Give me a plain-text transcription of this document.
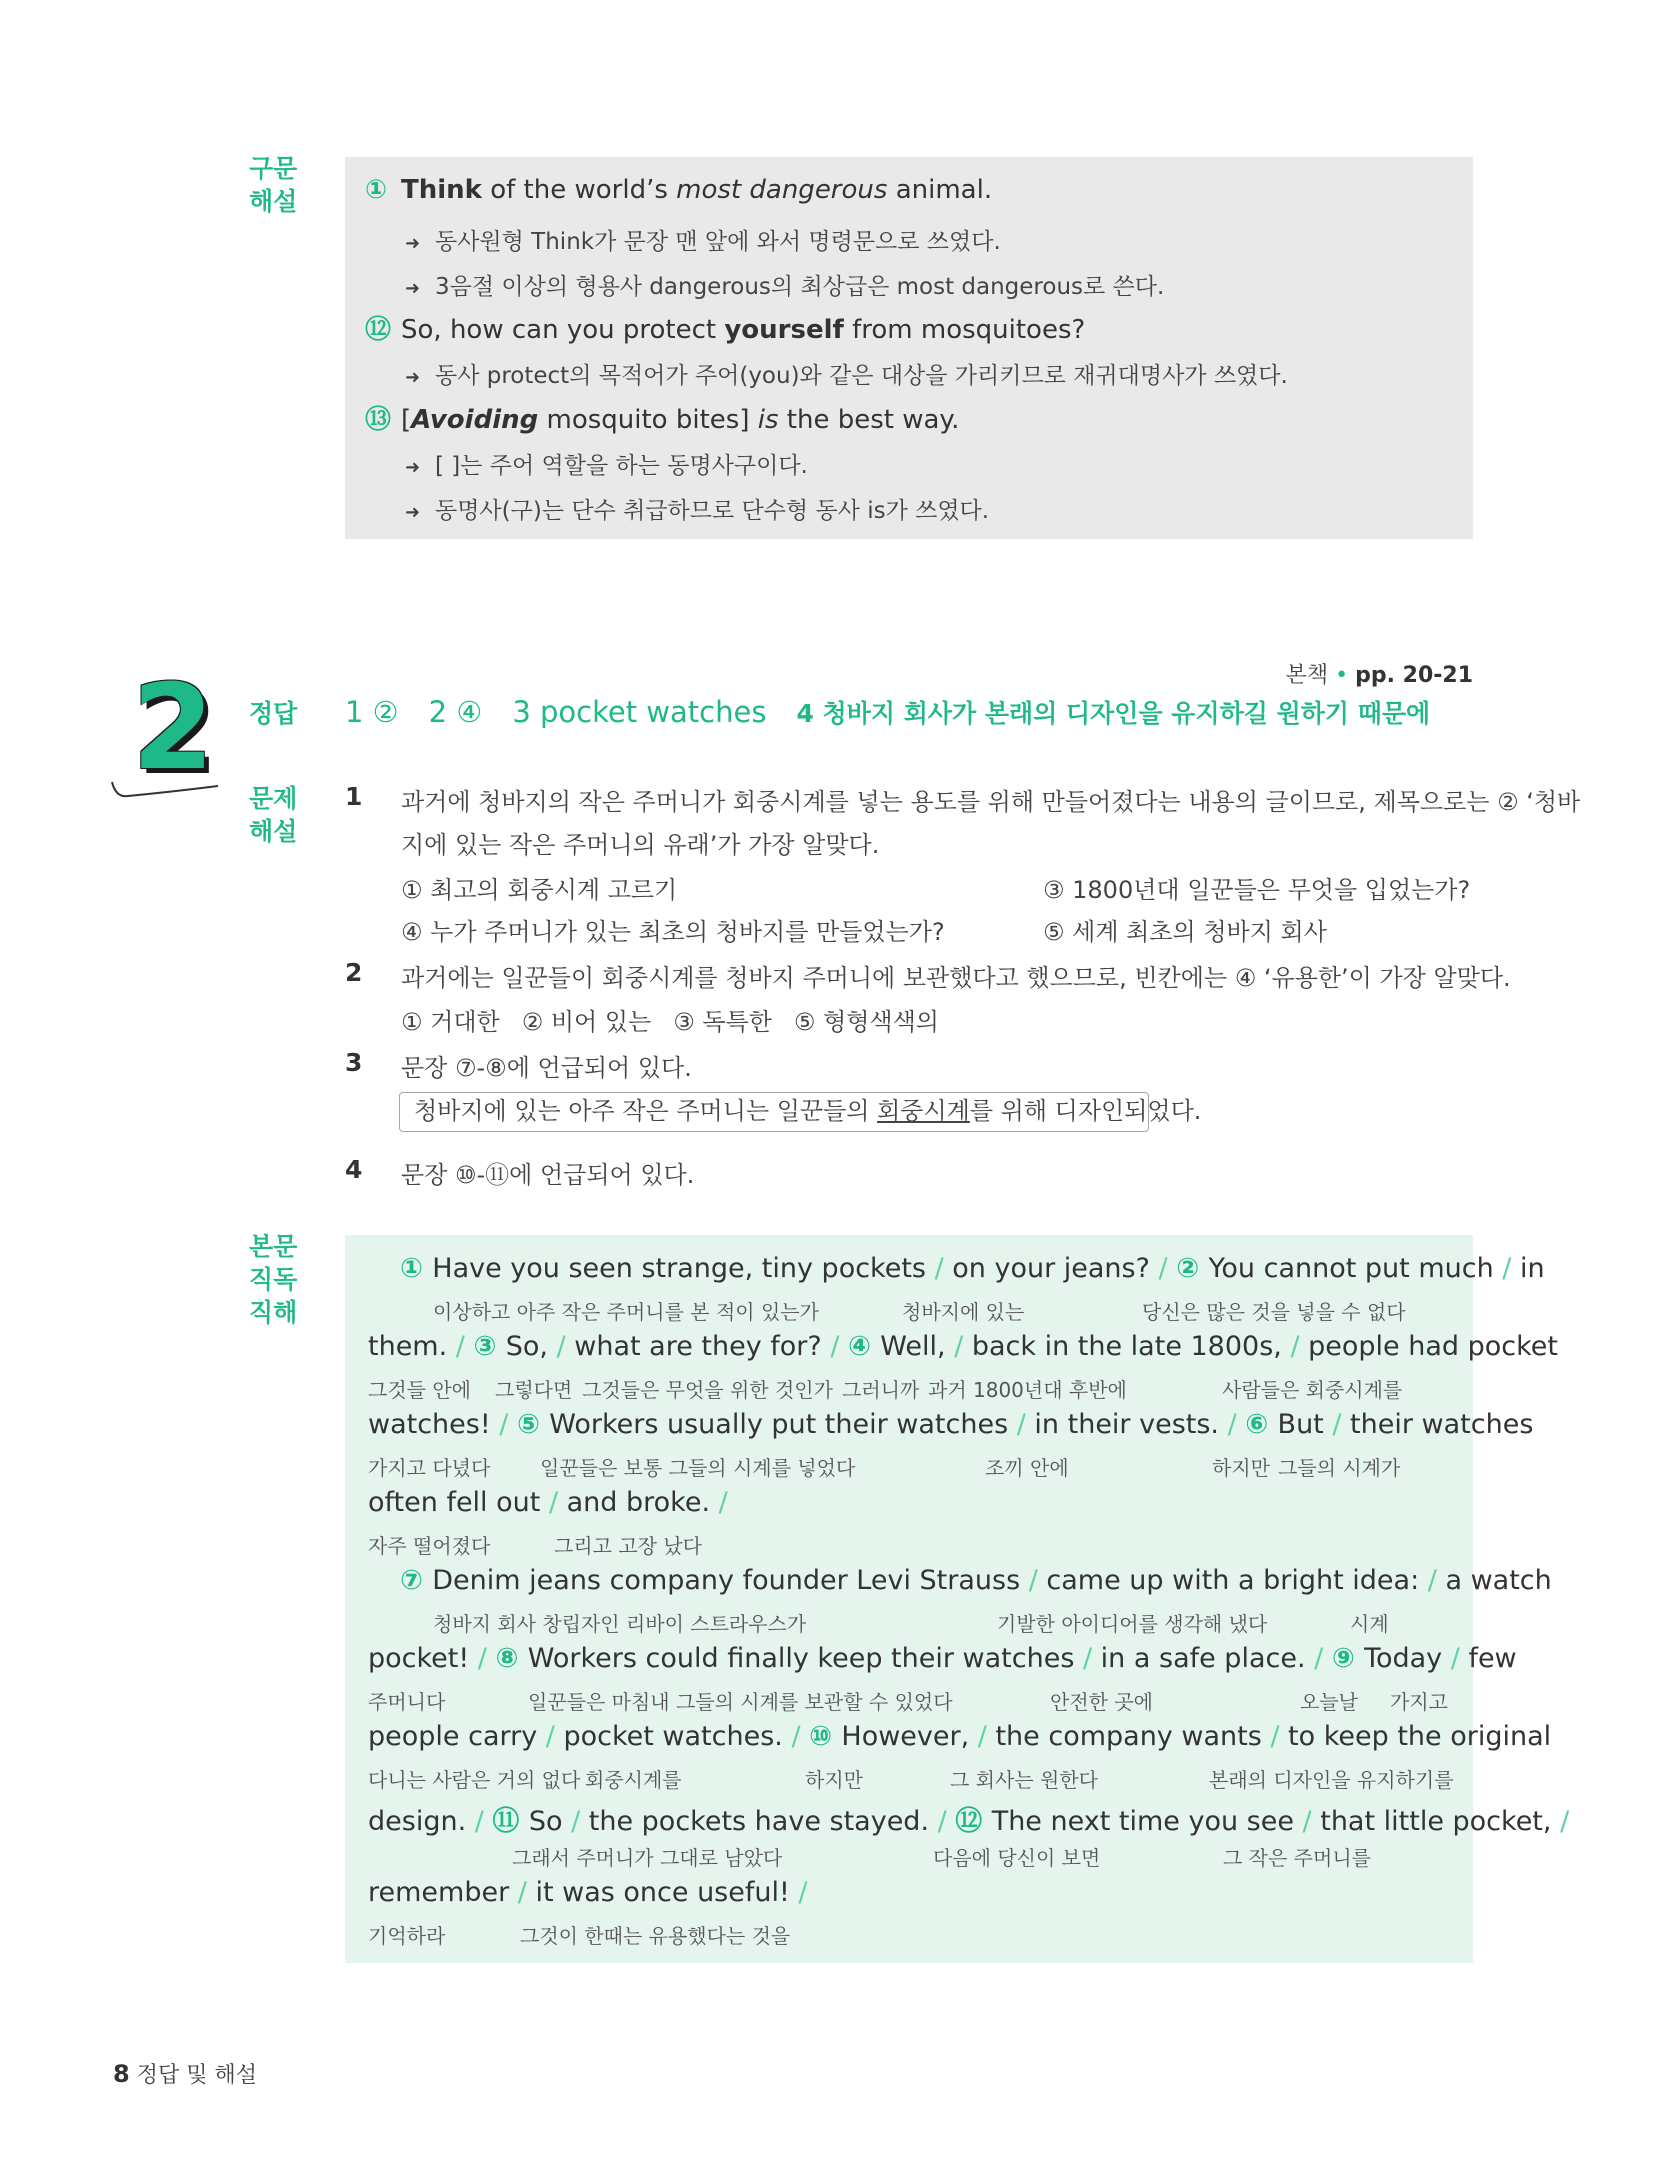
구문
해설	① Think of the world’s most dangerous animal.
➜ 동사원형 Think가 문장 맨 앞에 와서 명령문으로 쓰였다.
➜ 3음절 이상의 형용사 dangerous의 최상급은 most dangerous로 쓴다.
⑫ So, how can you protect yourself from mosquitoes?
➜ 동사 protect의 목적어가 주어(you)와 같은 대상을 가리키므로 재귀대명사가 쓰였다.
⑬ [Avoiding mosquito bites] is the best way.
➜ [ ]는 주어 역할을 하는 동명사구이다.
➜ 동명사(구)는 단수 취급하므로 단수형 동사 is가 쓰였다.
2	본책 • pp. 20-21
정답 1 ② 2 ④ 3 pocket watches 4 청바지 회사가 본래의 디자인을 유지하길 원하기 때문에
문제
해설
1 과거에 청바지의 작은 주머니가 회중시계를 넣는 용도를 위해 만들어졌다는 내용의 글이므로, 제목으로는 ② ‘청바
지에 있는 작은 주머니의 유래’가 가장 알맞다.
① 최고의 회중시계 고르기	③ 1800년대 일꾼들은 무엇을 입었는가?
④ 누가 주머니가 있는 최초의 청바지를 만들었는가?	⑤ 세계 최초의 청바지 회사
2 과거에는 일꾼들이 회중시계를 청바지 주머니에 보관했다고 했으므로, 빈칸에는 ④ ‘유용한’이 가장 알맞다.
① 거대한 ② 비어 있는 ③ 독특한 ⑤ 형형색색의
3 문장 ⑦-⑧에 언급되어 있다.
청바지에 있는 아주 작은 주머니는 일꾼들의 회중시계를 위해 디자인되었다.
4 문장 ⑩-⑪에 언급되어 있다.
본문
직독
직해
① Have you seen strange, tiny pockets / on your jeans? / ② You cannot put much / in
이상하고 아주 작은 주머니를 본 적이 있는가	청바지에 있는	당신은 많은 것을 넣을 수 없다
them. / ③ So, / what are they for? / ④ Well, / back in the late 1800s, / people had pocket
그것들 안에 그렇다면 그것들은 무엇을 위한 것인가 그러니까 과거 1800년대 후반에	사람들은 회중시계를
watches! / ⑤ Workers usually put their watches / in their vests. / ⑥ But / their watches
가지고 다녔다 일꾼들은 보통 그들의 시계를 넣었다	조끼 안에	하지만 그들의 시계가
often fell out / and broke. /
자주 떨어졌다	그리고 고장 났다
⑦ Denim jeans company founder Levi Strauss / came up with a bright idea: / a watch
청바지 회사 창립자인 리바이 스트라우스가	기발한 아이디어를 생각해 냈다	시계
pocket! / ⑧ Workers could finally keep their watches / in a safe place. / ⑨ Today / few
주머니다	일꾼들은 마침내 그들의 시계를 보관할 수 있었다	안전한 곳에	오늘날 가지고
people carry / pocket watches. / ⑩ However, / the company wants / to keep the original
다니는 사람은 거의 없다 회중시계를	하지만	그 회사는 원한다	본래의 디자인을 유지하기를
design. / ⑪ So / the pockets have stayed. / ⑫ The next time you see / that little pocket, /
그래서 주머니가 그대로 남았다	다음에 당신이 보면	그 작은 주머니를
remember / it was once useful! /
기억하라	그것이 한때는 유용했다는 것을
8 정답 및 해설
